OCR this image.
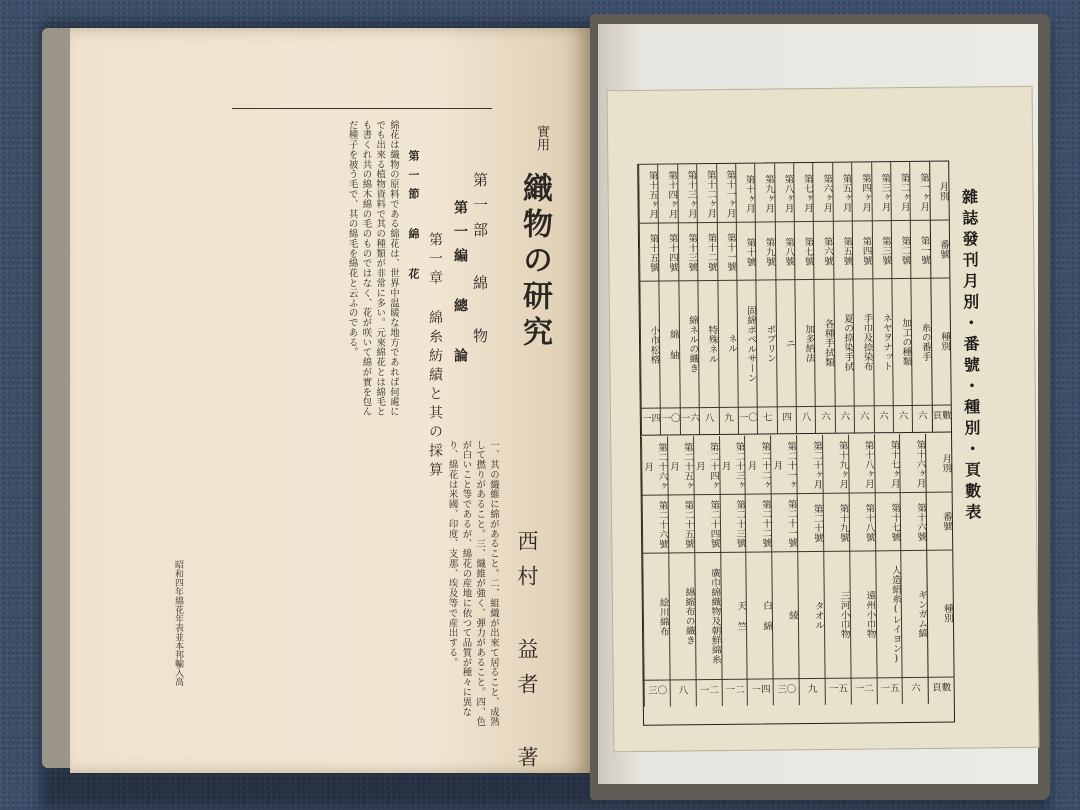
實用
織物の研究
西村 益者 著
第一部 綿 物
第一編 總 論
第一章 綿糸紡績と其の採算
第一節 綿 花
綿花は織物の原料である綿花は、世界中温暖な地方であれば何處にでも出來る植物資料で其の種類が非常に多い。元來綿花とは綿毛とも書くれ共の綿木綿の毛のものではなく、花が咲いて綿が實を包んだ種子を被う毛で、其の綿毛を綿花と云ふのである。
一、其の織維に綿があること。二、組織が出來て居ること、成熟して撚りがあること。三、織維が強く、弾力があること。四、色が白いこと等であるが、綿花の産地に依つて品質が種々に異なり、綿花は米國、印度、支那、埃及等で産出する。
昭和四年綿花年表並本邦輸入高
雜誌發刊月別・番號・種別・頁數表
月別
番號
種別
頁數
第一ヶ月
第一號
糸の番手
六
第二ヶ月
第二號
加工の種類
六
第三ヶ月
第三號
ネヤヲナット
六
第四ヶ月
第四號
手巾及捺染布
六
第五ヶ月
第五號
夏の捺染手拭
六
第六ヶ月
第六號
各種手拭類
六
第七ヶ月
第七號
加多納法
八
第八ヶ月
第八號
ニ
四
第九ヶ月
第九號
ポプリン
七
第十ヶ月
第十號
固綿ポペルサーン
一〇
第十一ヶ月
第十一號
ネル
九
第十二ヶ月
第十二號
特殊ネル
八
第十三ヶ月
第十三號
綿ネルの織き
一六
第十四ヶ月
第十四號
綿 紬
一〇
第十五ヶ月
第十五號
小市松格
一四
月別
番號
種別
頁數
第十六ヶ月
第十六號
ギンガム縞
六
第十七ヶ月
第十七號
人造絹糸(レイヨン)
一五
第十八ヶ月
第十八號
遠州小巾物
一二
第十九ヶ月
第十九號
三河小巾物
一五
第二十ヶ月
第二十號
タオル
九
第二十一ヶ月
第二十一號
綾
三〇
第二十二ヶ月
第二十二號
白 綿
一四
第二十三ヶ月
第二十三號
天 竺
一二
第二十四ヶ月
第二十四號
廣巾綿織物及朝鮮綿糸
一二
第二十五ヶ月
第二十五號
綿縮布の織き
八
第二十六ヶ月
第二十六號
絵川綿布
三〇
